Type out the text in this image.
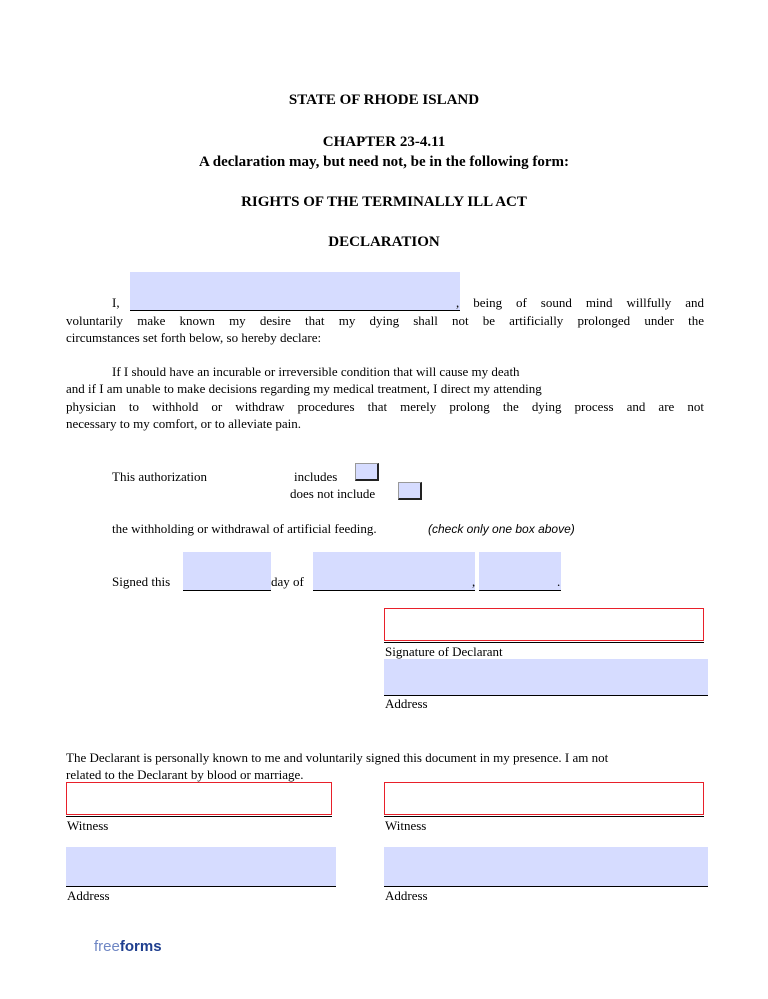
STATE OF RHODE ISLAND
CHAPTER 23-4.11
A declaration may, but need not, be in the following form:
RIGHTS OF THE TERMINALLY ILL ACT
DECLARATION
I,	, being of sound mind willfully and
voluntarily make known my desire that my dying shall not be artificially prolonged under the
circumstances set forth below, so hereby declare:
If I should have an incurable or irreversible condition that will cause my death
and if I am unable to make decisions regarding my medical treatment, I direct my attending
physician to withhold or withdraw procedures that merely prolong the dying process and are not
necessary to my comfort, or to alleviate pain.
This authorization	includes
does not include
the withholding or withdrawal of artificial feeding.	(check only one box above)
Signed this	day of	,	.
Signature of Declarant
Address
The Declarant is personally known to me and voluntarily signed this document in my presence. I am not
related to the Declarant by blood or marriage.
Witness
Address
Witness
Address
freeforms
